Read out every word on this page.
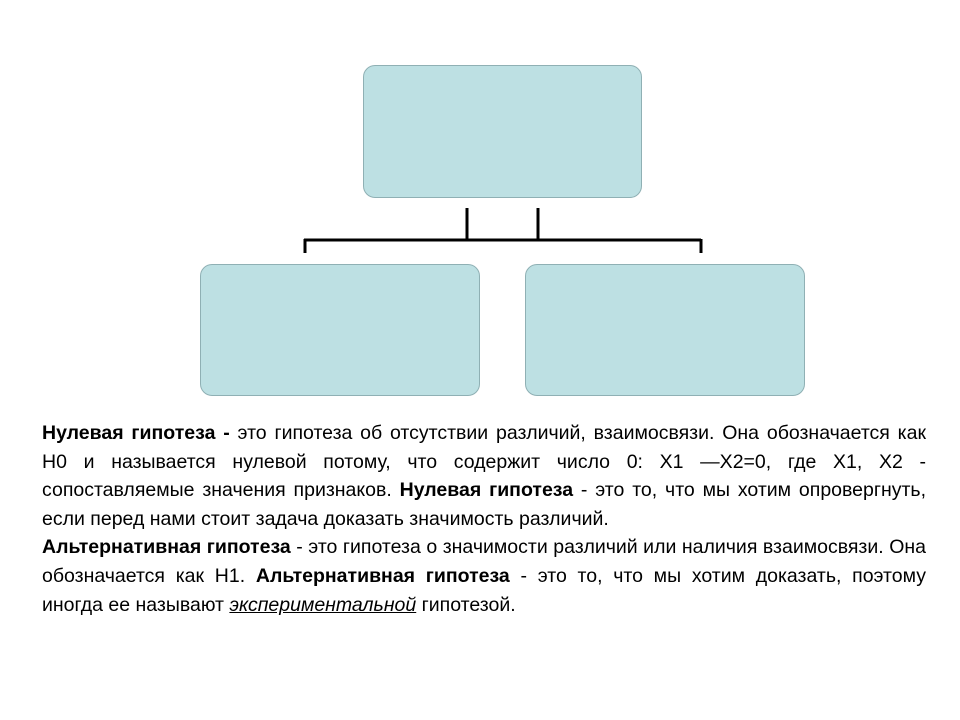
Нулевая гипотеза - это гипотеза об отсутствии различий, взаимосвязи. Она обозначается как H0 и называется нулевой потому, что содержит число 0: X1 —X2=0, где X1, X2 - сопоставляемые значения признаков. Нулевая гипотеза - это то, что мы хотим опровергнуть, если перед нами стоит задача доказать значимость различий.

Альтернативная гипотеза - это гипотеза о значимости различий или наличия взаимосвязи. Она обозначается как H1. Альтернативная гипотеза - это то, что мы хотим доказать, поэтому иногда ее называют экспериментальной гипотезой.
